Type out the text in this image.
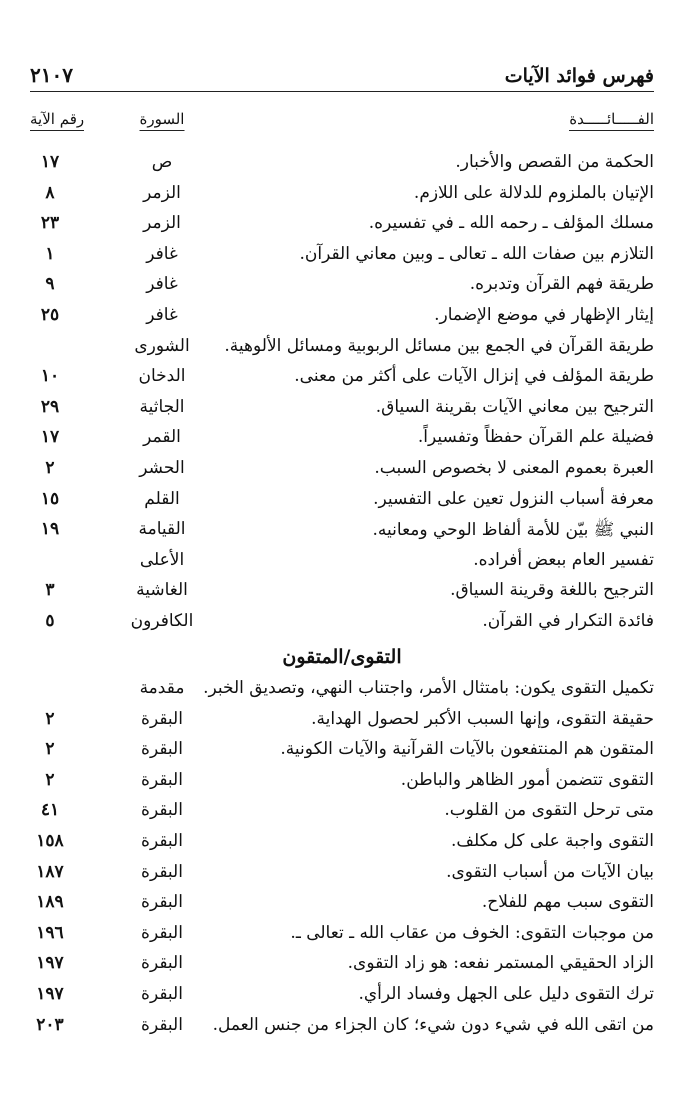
فهرس فوائد الآيات
٢١٠٧
الفـــــائـــــدة
السورة
رقم الآية
الحكمة من القصص والأخبار.
ص
١٧
الإتيان بالملزوم للدلالة على اللازم.
الزمر
٨
مسلك المؤلف ـ رحمه الله ـ في تفسيره.
الزمر
٢٣
التلازم بين صفات الله ـ تعالى ـ وبين معاني القرآن.
غافر
١
طريقة فهم القرآن وتدبره.
غافر
٩
إيثار الإظهار في موضع الإضمار.
غافر
٢٥
طريقة القرآن في الجمع بين مسائل الربوبية ومسائل الألوهية.
الشورى
طريقة المؤلف في إنزال الآيات على أكثر من معنى.
الدخان
١٠
الترجيح بين معاني الآيات بقرينة السياق.
الجاثية
٢٩
فضيلة علم القرآن حفظاً وتفسيراً.
القمر
١٧
العبرة بعموم المعنى لا بخصوص السبب.
الحشر
٢
معرفة أسباب النزول تعين على التفسير.
القلم
١٥
النبي ﷺ بيّن للأمة ألفاظ الوحي ومعانيه.
القيامة
١٩
تفسير العام ببعض أفراده.
الأعلى
الترجيح باللغة وقرينة السياق.
الغاشية
٣
فائدة التكرار في القرآن.
الكافرون
٥
التقوى/المتقون
تكميل التقوى يكون: بامتثال الأمر، واجتناب النهي، وتصديق الخبر.
مقدمة
حقيقة التقوى، وإنها السبب الأكبر لحصول الهداية.
البقرة
٢
المتقون هم المنتفعون بالآيات القرآنية والآيات الكونية.
البقرة
٢
التقوى تتضمن أمور الظاهر والباطن.
البقرة
٢
متى ترحل التقوى من القلوب.
البقرة
٤١
التقوى واجبة على كل مكلف.
البقرة
١٥٨
بيان الآيات من أسباب التقوى.
البقرة
١٨٧
التقوى سبب مهم للفلاح.
البقرة
١٨٩
من موجبات التقوى: الخوف من عقاب الله ـ تعالى ـ.
البقرة
١٩٦
الزاد الحقيقي المستمر نفعه: هو زاد التقوى.
البقرة
١٩٧
ترك التقوى دليل على الجهل وفساد الرأي.
البقرة
١٩٧
من اتقى الله في شيء دون شيء؛ كان الجزاء من جنس العمل.
البقرة
٢٠٣
